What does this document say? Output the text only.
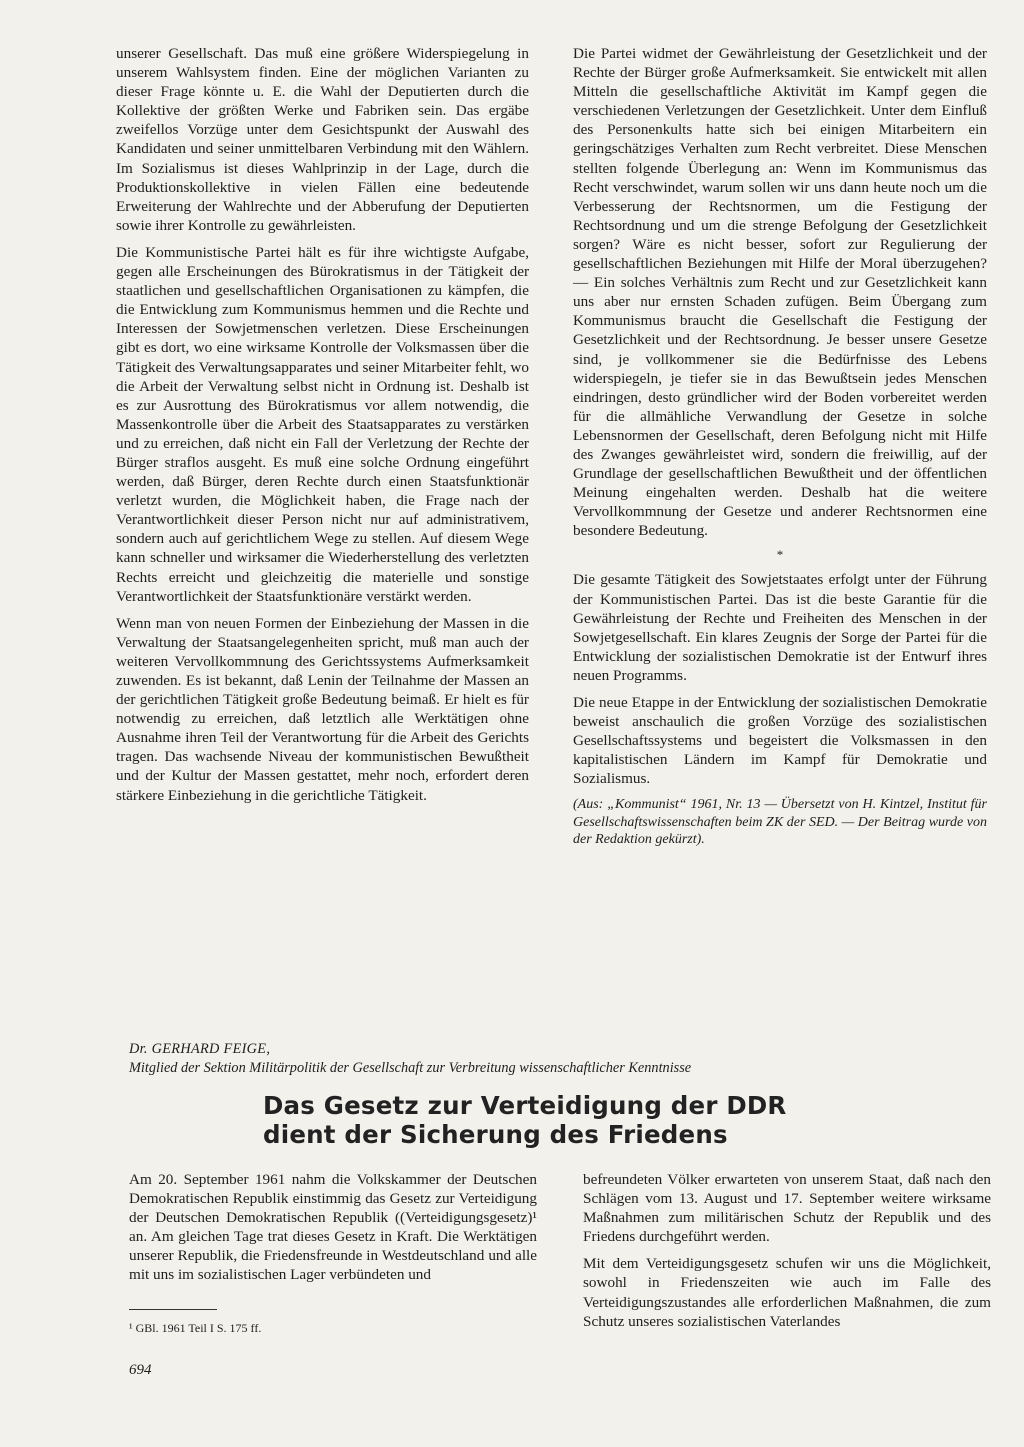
unserer Gesellschaft. Das muß eine größere Widerspiegelung in unserem Wahlsystem finden. Eine der möglichen Varianten zu dieser Frage könnte u. E. die Wahl der Deputierten durch die Kollektive der größten Werke und Fabriken sein. Das ergäbe zweifellos Vorzüge unter dem Gesichtspunkt der Auswahl des Kandidaten und seiner unmittelbaren Verbindung mit den Wählern. Im Sozialismus ist dieses Wahlprinzip in der Lage, durch die Produktionskollektive in vielen Fällen eine bedeutende Erweiterung der Wahlrechte und der Abberufung der Deputierten sowie ihrer Kontrolle zu gewährleisten.

Die Kommunistische Partei hält es für ihre wichtigste Aufgabe, gegen alle Erscheinungen des Bürokratismus in der Tätigkeit der staatlichen und gesellschaftlichen Organisationen zu kämpfen, die die Entwicklung zum Kommunismus hemmen und die Rechte und Interessen der Sowjetmenschen verletzen. Diese Erscheinungen gibt es dort, wo eine wirksame Kontrolle der Volksmassen über die Tätigkeit des Verwaltungsapparates und seiner Mitarbeiter fehlt, wo die Arbeit der Verwaltung selbst nicht in Ordnung ist. Deshalb ist es zur Ausrottung des Bürokratismus vor allem notwendig, die Massenkontrolle über die Arbeit des Staatsapparates zu verstärken und zu erreichen, daß nicht ein Fall der Verletzung der Rechte der Bürger straflos ausgeht. Es muß eine solche Ordnung eingeführt werden, daß Bürger, deren Rechte durch einen Staatsfunktionär verletzt wurden, die Möglichkeit haben, die Frage nach der Verantwortlichkeit dieser Person nicht nur auf administrativem, sondern auch auf gerichtlichem Wege zu stellen. Auf diesem Wege kann schneller und wirksamer die Wiederherstellung des verletzten Rechts erreicht und gleichzeitig die materielle und sonstige Verantwortlichkeit der Staatsfunktionäre verstärkt werden.

Wenn man von neuen Formen der Einbeziehung der Massen in die Verwaltung der Staatsangelegenheiten spricht, muß man auch der weiteren Vervollkommnung des Gerichtssystems Aufmerksamkeit zuwenden. Es ist bekannt, daß Lenin der Teilnahme der Massen an der gerichtlichen Tätigkeit große Bedeutung beimaß. Er hielt es für notwendig zu erreichen, daß letztlich alle Werktätigen ohne Ausnahme ihren Teil der Verantwortung für die Arbeit des Gerichts tragen. Das wachsende Niveau der kommunistischen Bewußtheit und der Kultur der Massen gestattet, mehr noch, erfordert deren stärkere Einbeziehung in die gerichtliche Tätigkeit.

Die Partei widmet der Gewährleistung der Gesetzlichkeit und der Rechte der Bürger große Aufmerksamkeit. Sie entwickelt mit allen Mitteln die gesellschaftliche Aktivität im Kampf gegen die verschiedenen Verletzungen der Gesetzlichkeit. Unter dem Einfluß des Personenkults hatte sich bei einigen Mitarbeitern ein geringschätziges Verhalten zum Recht verbreitet. Diese Menschen stellten folgende Überlegung an: Wenn im Kommunismus das Recht verschwindet, warum sollen wir uns dann heute noch um die Verbesserung der Rechtsnormen, um die Festigung der Rechtsordnung und um die strenge Befolgung der Gesetzlichkeit sorgen? Wäre es nicht besser, sofort zur Regulierung der gesellschaftlichen Beziehungen mit Hilfe der Moral überzugehen? — Ein solches Verhältnis zum Recht und zur Gesetzlichkeit kann uns aber nur ernsten Schaden zufügen. Beim Übergang zum Kommunismus braucht die Gesellschaft die Festigung der Gesetzlichkeit und der Rechtsordnung. Je besser unsere Gesetze sind, je vollkommener sie die Bedürfnisse des Lebens widerspiegeln, je tiefer sie in das Bewußtsein jedes Menschen eindringen, desto gründlicher wird der Boden vorbereitet werden für die allmähliche Verwandlung der Gesetze in solche Lebensnormen der Gesellschaft, deren Befolgung nicht mit Hilfe des Zwanges gewährleistet wird, sondern die freiwillig, auf der Grundlage der gesellschaftlichen Bewußtheit und der öffentlichen Meinung eingehalten werden. Deshalb hat die weitere Vervollkommnung der Gesetze und anderer Rechtsnormen eine besondere Bedeutung.

*

Die gesamte Tätigkeit des Sowjetstaates erfolgt unter der Führung der Kommunistischen Partei. Das ist die beste Garantie für die Gewährleistung der Rechte und Freiheiten des Menschen in der Sowjetgesellschaft. Ein klares Zeugnis der Sorge der Partei für die Entwicklung der sozialistischen Demokratie ist der Entwurf ihres neuen Programms.

Die neue Etappe in der Entwicklung der sozialistischen Demokratie beweist anschaulich die großen Vorzüge des sozialistischen Gesellschaftssystems und begeistert die Volksmassen in den kapitalistischen Ländern im Kampf für Demokratie und Sozialismus.

(Aus: „Kommunist“ 1961, Nr. 13 — Übersetzt von H. Kintzel, Institut für Gesellschaftswissenschaften beim ZK der SED. — Der Beitrag wurde von der Redaktion gekürzt).

Dr. GERHARD FEIGE,
Mitglied der Sektion Militärpolitik der Gesellschaft zur Verbreitung wissenschaftlicher Kenntnisse
Das Gesetz zur Verteidigung der DDR
dient der Sicherung des Friedens

Am 20. September 1961 nahm die Volkskammer der Deutschen Demokratischen Republik einstimmig das Gesetz zur Verteidigung der Deutschen Demokratischen Republik ((Verteidigungsgesetz)¹ an. Am gleichen Tage trat dieses Gesetz in Kraft. Die Werktätigen unserer Republik, die Friedensfreunde in Westdeutschland und alle mit uns im sozialistischen Lager verbündeten und

befreundeten Völker erwarteten von unserem Staat, daß nach den Schlägen vom 13. August und 17. September weitere wirksame Maßnahmen zum militärischen Schutz der Republik und des Friedens durchgeführt werden.

Mit dem Verteidigungsgesetz schufen wir uns die Möglichkeit, sowohl in Friedenszeiten wie auch im Falle des Verteidigungszustandes alle erforderlichen Maßnahmen, die zum Schutz unseres sozialistischen Vaterlandes

¹ GBl. 1961 Teil I S. 175 ff.
694
